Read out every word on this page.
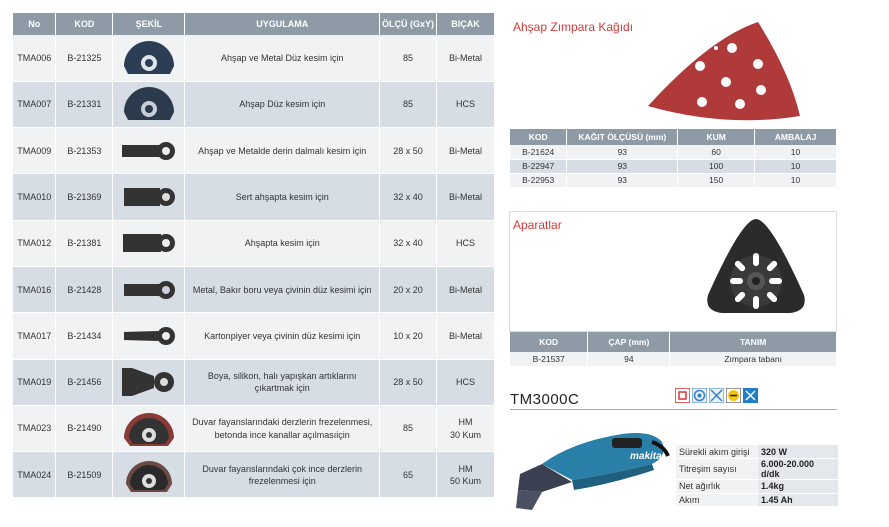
No	KOD	ŞEKİL	UYGULAMA	ÖLÇÜ (GxY)	BIÇAK
TMA006	B-21325		Ahşap ve Metal Düz kesim için	85	Bi-Metal
TMA007	B-21331		Ahşap Düz kesim için	85	HCS
TMA009	B-21353		Ahşap ve Metalde derin dalmalı kesim için	28 x 50	Bi-Metal
TMA010	B-21369		Sert ahşapta kesim için	32 x 40	Bi-Metal
TMA012	B-21381		Ahşapta kesim için	32 x 40	HCS
TMA016	B-21428		Metal, Bakır boru veya çivinin düz kesimi için	20 x 20	Bi-Metal
TMA017	B-21434		Kartonpiyer veya çivinin düz kesimi için	10 x 20	Bi-Metal
TMA019	B-21456		Boya, silikon, halı yapışkan artıklarını
çıkartmak için	28 x 50	HCS
TMA023	B-21490		Duvar fayanslarındaki derzlerin frezelenmesi,
betonda ince kanallar açılmasıiçin	85	HM
30 Kum
TMA024	B-21509		Duvar fayanslarındaki çok ince derzlerin
frezelenmesi için	65	HM
50 Kum
Ahşap Zımpara Kağıdı
KOD	KAĞIT ÖLÇÜSÜ (mm)	KUM	AMBALAJ
B-21624	93	60	10
B-22947	93	100	10
B-22953	93	150	10
Aparatlar
KOD	ÇAP (mm)	TANIM
B-21537	94	Zımpara tabanı
TM3000C
makita Sürekli akım girişi	320 W
Titreşim sayısı	6.000-20.000 d/dk
Net ağırlık	1.4kg
Akım	1.45 Ah
